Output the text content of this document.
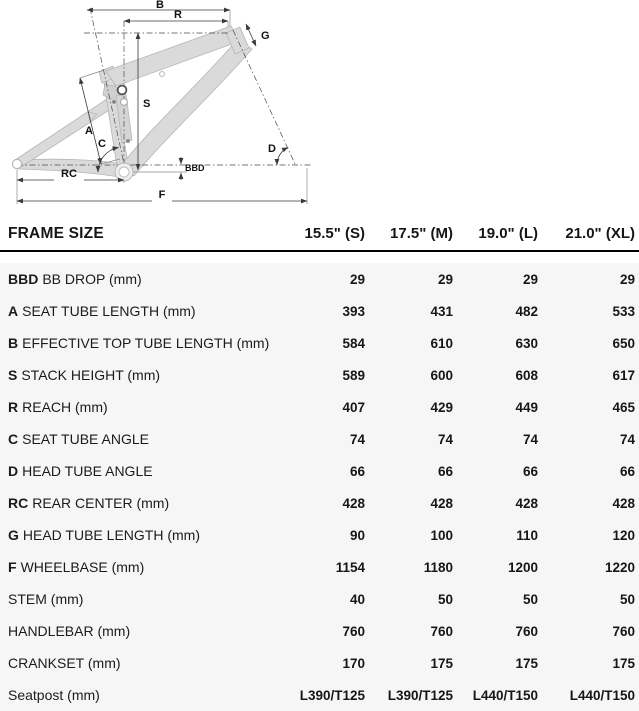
B
R
G
S
A
C	D
BBD
RC
F
FRAME SIZE	15.5" (S)	17.5" (M)	19.0" (L)	21.0" (XL)
BBD BB DROP (mm)	29	29	29	29
A SEAT TUBE LENGTH (mm)	393	431	482	533
B EFFECTIVE TOP TUBE LENGTH (mm)	584	610	630	650
S STACK HEIGHT (mm)	589	600	608	617
R REACH (mm)	407	429	449	465
C SEAT TUBE ANGLE	74	74	74	74
D HEAD TUBE ANGLE	66	66	66	66
RC REAR CENTER (mm)	428	428	428	428
G HEAD TUBE LENGTH (mm)	90	100	110	120
F WHEELBASE (mm)	1154	1180	1200	1220
STEM (mm)	40	50	50	50
HANDLEBAR (mm)	760	760	760	760
CRANKSET (mm)	170	175	175	175
Seatpost (mm)	L390/T125	L390/T125	L440/T150	L440/T150
